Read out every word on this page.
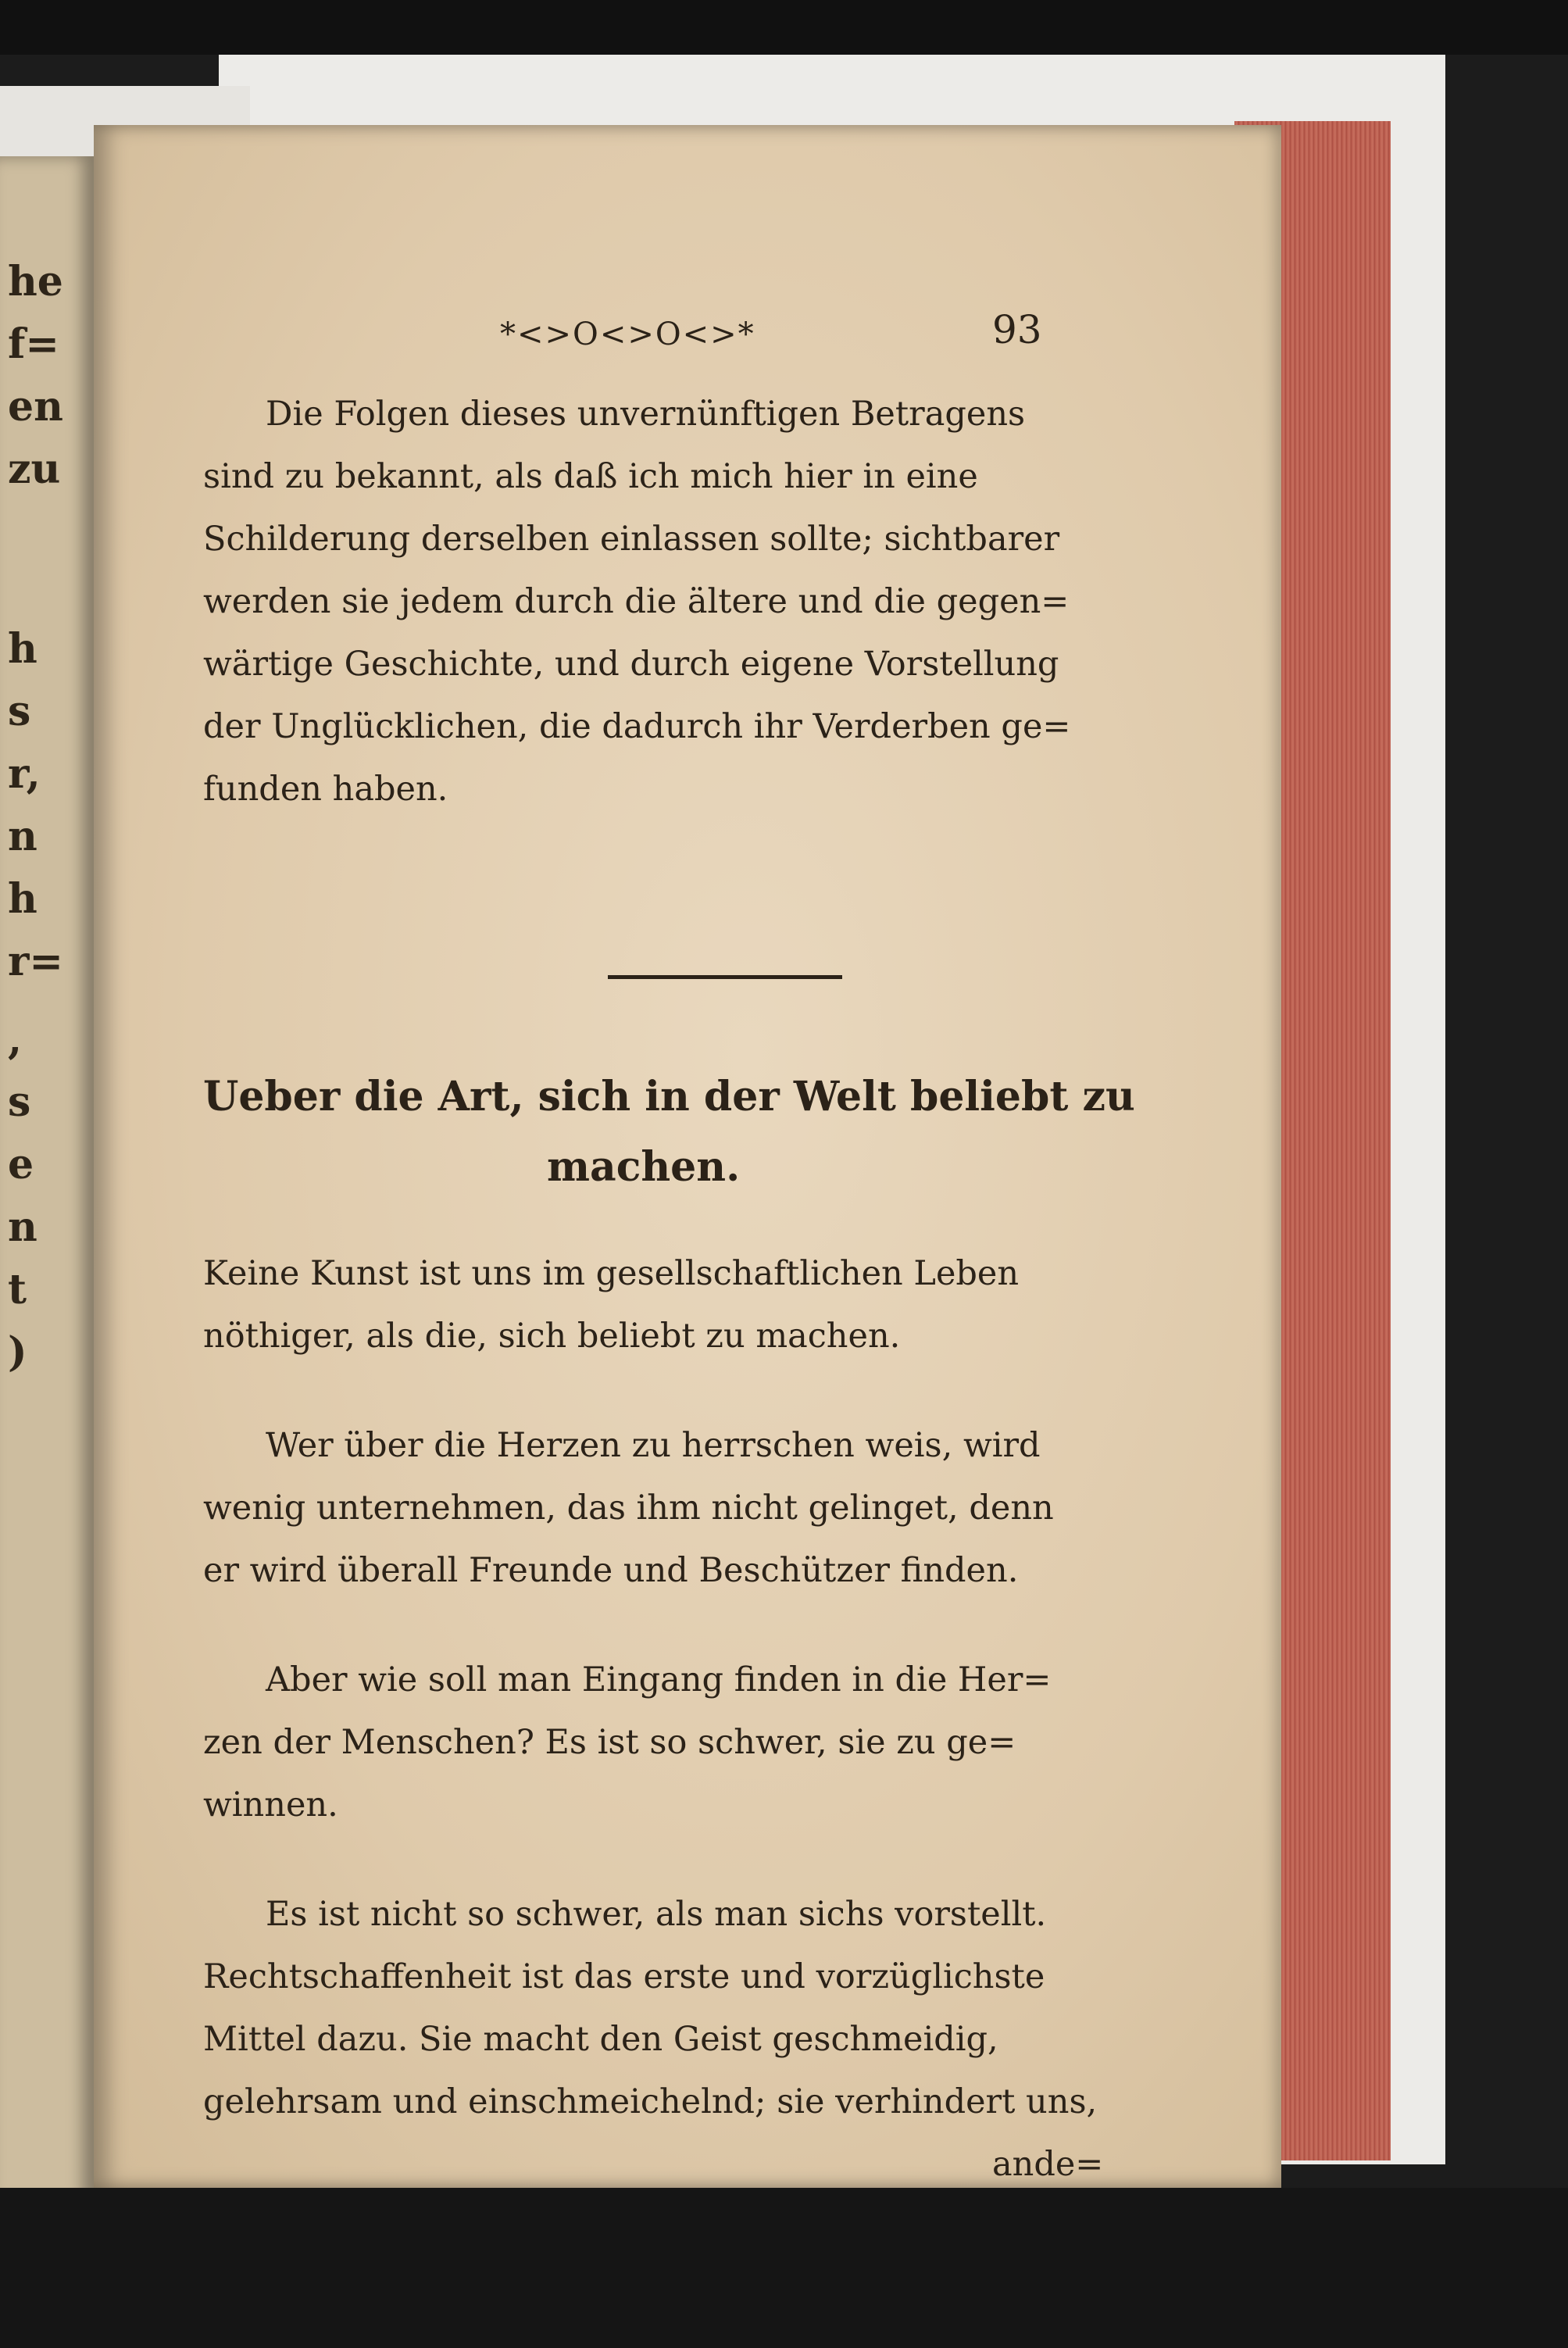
he
f=
en
zu
h
s
r,
n
h
r=
,
s
e
n
t
)
*<>O<>O<>*	93
Die Folgen dieses unvernünftigen Betragens
sind zu bekannt, als daß ich mich hier in eine
Schilderung derselben einlassen sollte; sichtbarer
werden sie jedem durch die ältere und die gegen=
wärtige Geschichte, und durch eigene Vorstellung
der Unglücklichen, die dadurch ihr Verderben ge=
funden haben.
Ueber die Art, sich in der Welt beliebt zu
machen.
Keine Kunst ist uns im gesellschaftlichen Leben
nöthiger, als die, sich beliebt zu machen.
Wer über die Herzen zu herrschen weis, wird
wenig unternehmen, das ihm nicht gelinget, denn
er wird überall Freunde und Beschützer finden.
Aber wie soll man Eingang finden in die Her=
zen der Menschen? Es ist so schwer, sie zu ge=
winnen.
Es ist nicht so schwer, als man sichs vorstellt.
Rechtschaffenheit ist das erste und vorzüglichste
Mittel dazu. Sie macht den Geist geschmeidig,
gelehrsam und einschmeichelnd; sie verhindert uns,
ande=
